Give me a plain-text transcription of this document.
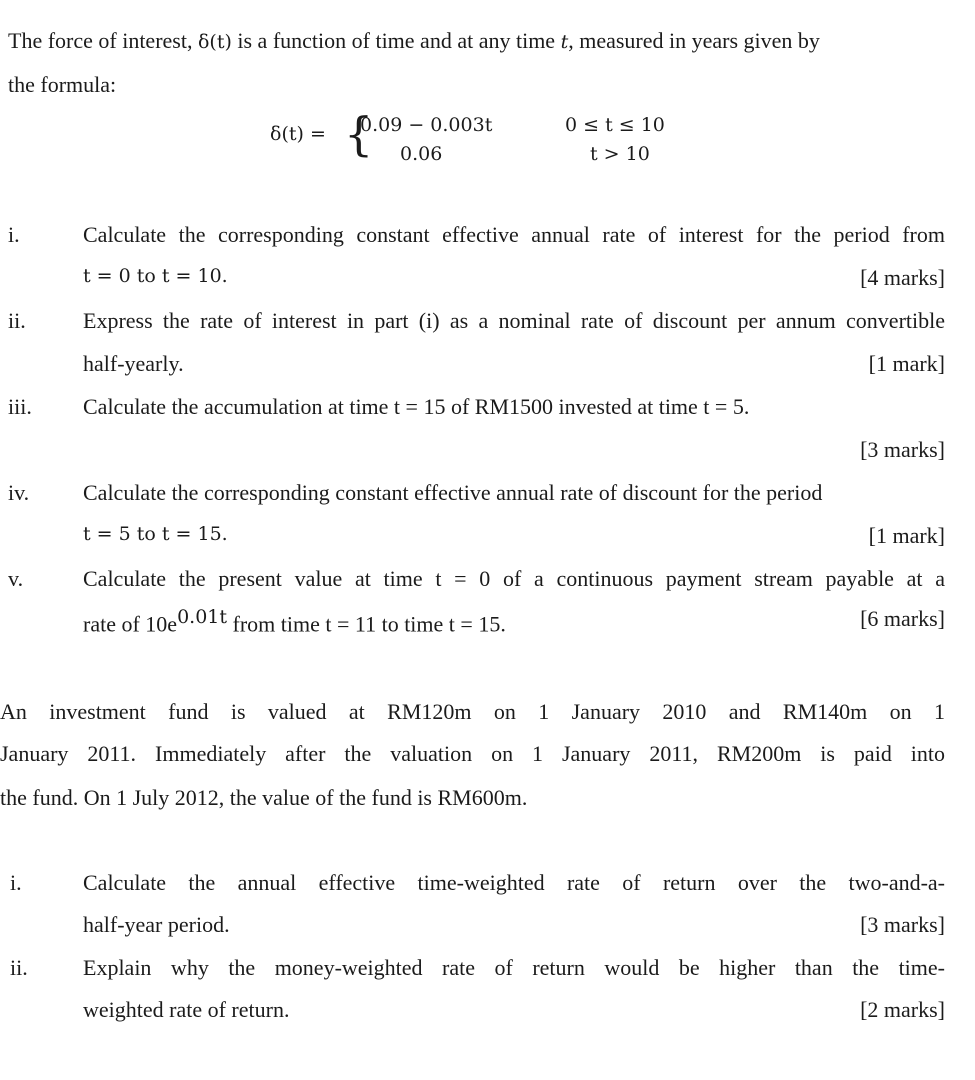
The force of interest, δ(t) is a function of time and at any time t, measured in years given by
the formula:
δ(t) = {
0.09 − 0.003t
0.06
0 ≤ t ≤ 10
t > 10
i.	Calculate the corresponding constant effective annual rate of interest for the period from
t = 0 to t = 10.	[4 marks]
ii.	Express the rate of interest in part (i) as a nominal rate of discount per annum convertible
half-yearly.	[1 mark]
iii. Calculate the accumulation at time t = 15 of RM1500 invested at time t = 5.
[3 marks]
iv. Calculate the corresponding constant effective annual rate of discount for the period
t = 5 to t = 15.	[1 mark]
v.	Calculate the present value at time t = 0 of a continuous payment stream payable at a
rate of $10e^{0.01t}$ from time t = 11 to time t = 15.	[6 marks]
An investment fund is valued at RM120m on 1 January 2010 and RM140m on 1
January 2011. Immediately after the valuation on 1 January 2011, RM200m is paid into
the fund. On 1 July 2012, the value of the fund is RM600m.
i.	Calculate the annual effective time-weighted rate of return over the two-and-a-
half-year period.	[3 marks]
ii.	Explain why the money-weighted rate of return would be higher than the time-
weighted rate of return.	[2 marks]
